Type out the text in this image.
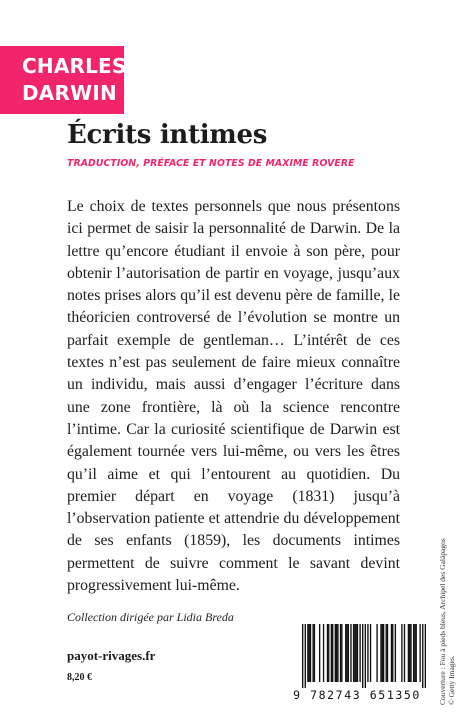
CHARLES
DARWIN
Écrits intimes

TRADUCTION, PRÉFACE ET NOTES DE MAXIME ROVERE

Le choix de textes personnels que nous présentons ici permet de saisir la personnalité de Darwin. De la lettre qu’encore étudiant il envoie à son père, pour obtenir l’autorisation de partir en voyage, jusqu’aux notes prises alors qu’il est devenu père de famille, le théoricien controversé de l’évolution se montre un parfait exemple de gentleman… L’intérêt de ces textes n’est pas seulement de faire mieux connaître un individu, mais aussi d’engager l’écriture dans une zone frontière, là où la science rencontre l’intime. Car la curiosité scientifique de Darwin est également tournée vers lui-même, ou vers les êtres qu’il aime et qui l’entourent au quotidien. Du premier départ en voyage (1831) jusqu’à l’observation patiente et attendrie du développement de ses enfants (1859), les documents intimes permettent de suivre comment le savant devint progressivement lui-même.

Collection dirigée par Lidia Breda

payot-rivages.fr

8,20 €

9 782743 651350	Couverture : Fou à pieds bleus, Archipel des Galápagos © Getty Images.
